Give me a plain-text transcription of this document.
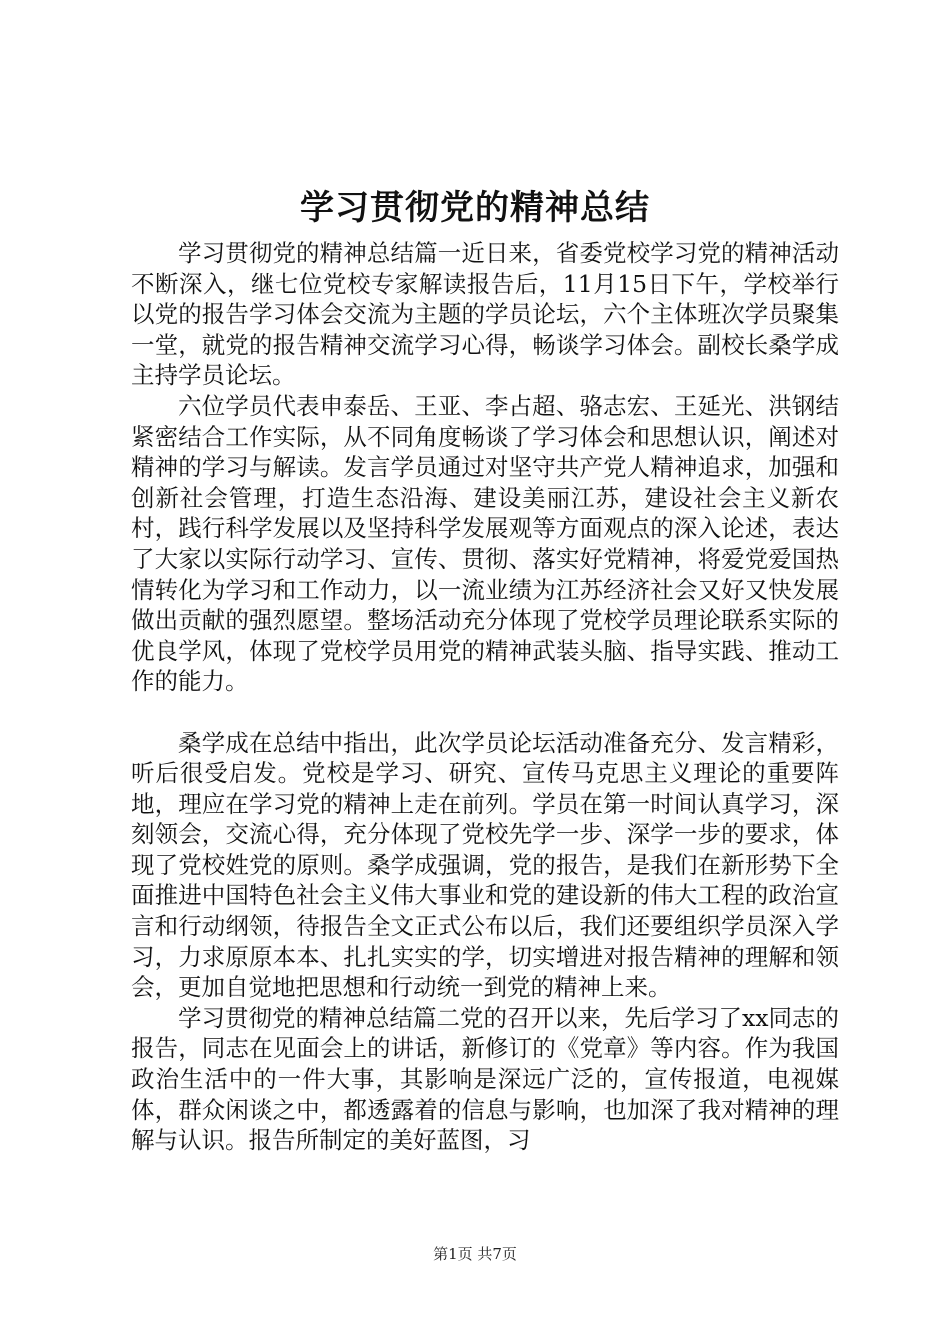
学习贯彻党的精神总结

学习贯彻党的精神总结篇一近日来，省委党校学习党的精神活动不断深入，继七位党校专家解读报告后，11月15日下午，学校举行以党的报告学习体会交流为主题的学员论坛，六个主体班次学员聚集一堂，就党的报告精神交流学习心得，畅谈学习体会。副校长桑学成主持学员论坛。

六位学员代表申泰岳、王亚、李占超、骆志宏、王延光、洪钢结紧密结合工作实际，从不同角度畅谈了学习体会和思想认识，阐述对精神的学习与解读。发言学员通过对坚守共产党人精神追求，加强和创新社会管理，打造生态沿海、建设美丽江苏，建设社会主义新农村，践行科学发展以及坚持科学发展观等方面观点的深入论述，表达了大家以实际行动学习、宣传、贯彻、落实好党精神，将爱党爱国热情转化为学习和工作动力，以一流业绩为江苏经济社会又好又快发展做出贡献的强烈愿望。整场活动充分体现了党校学员理论联系实际的优良学风，体现了党校学员用党的精神武装头脑、指导实践、推动工作的能力。

桑学成在总结中指出，此次学员论坛活动准备充分、发言精彩，听后很受启发。党校是学习、研究、宣传马克思主义理论的重要阵地，理应在学习党的精神上走在前列。学员在第一时间认真学习，深刻领会，交流心得，充分体现了党校先学一步、深学一步的要求，体现了党校姓党的原则。桑学成强调，党的报告，是我们在新形势下全面推进中国特色社会主义伟大事业和党的建设新的伟大工程的政治宣言和行动纲领，待报告全文正式公布以后，我们还要组织学员深入学习，力求原原本本、扎扎实实的学，切实增进对报告精神的理解和领会，更加自觉地把思想和行动统一到党的精神上来。

学习贯彻党的精神总结篇二党的召开以来，先后学习了xx同志的报告，同志在见面会上的讲话，新修订的《党章》等内容。作为我国政治生活中的一件大事，其影响是深远广泛的，宣传报道，电视媒体，群众闲谈之中，都透露着的信息与影响，也加深了我对精神的理解与认识。报告所制定的美好蓝图，习

第1页 共7页
